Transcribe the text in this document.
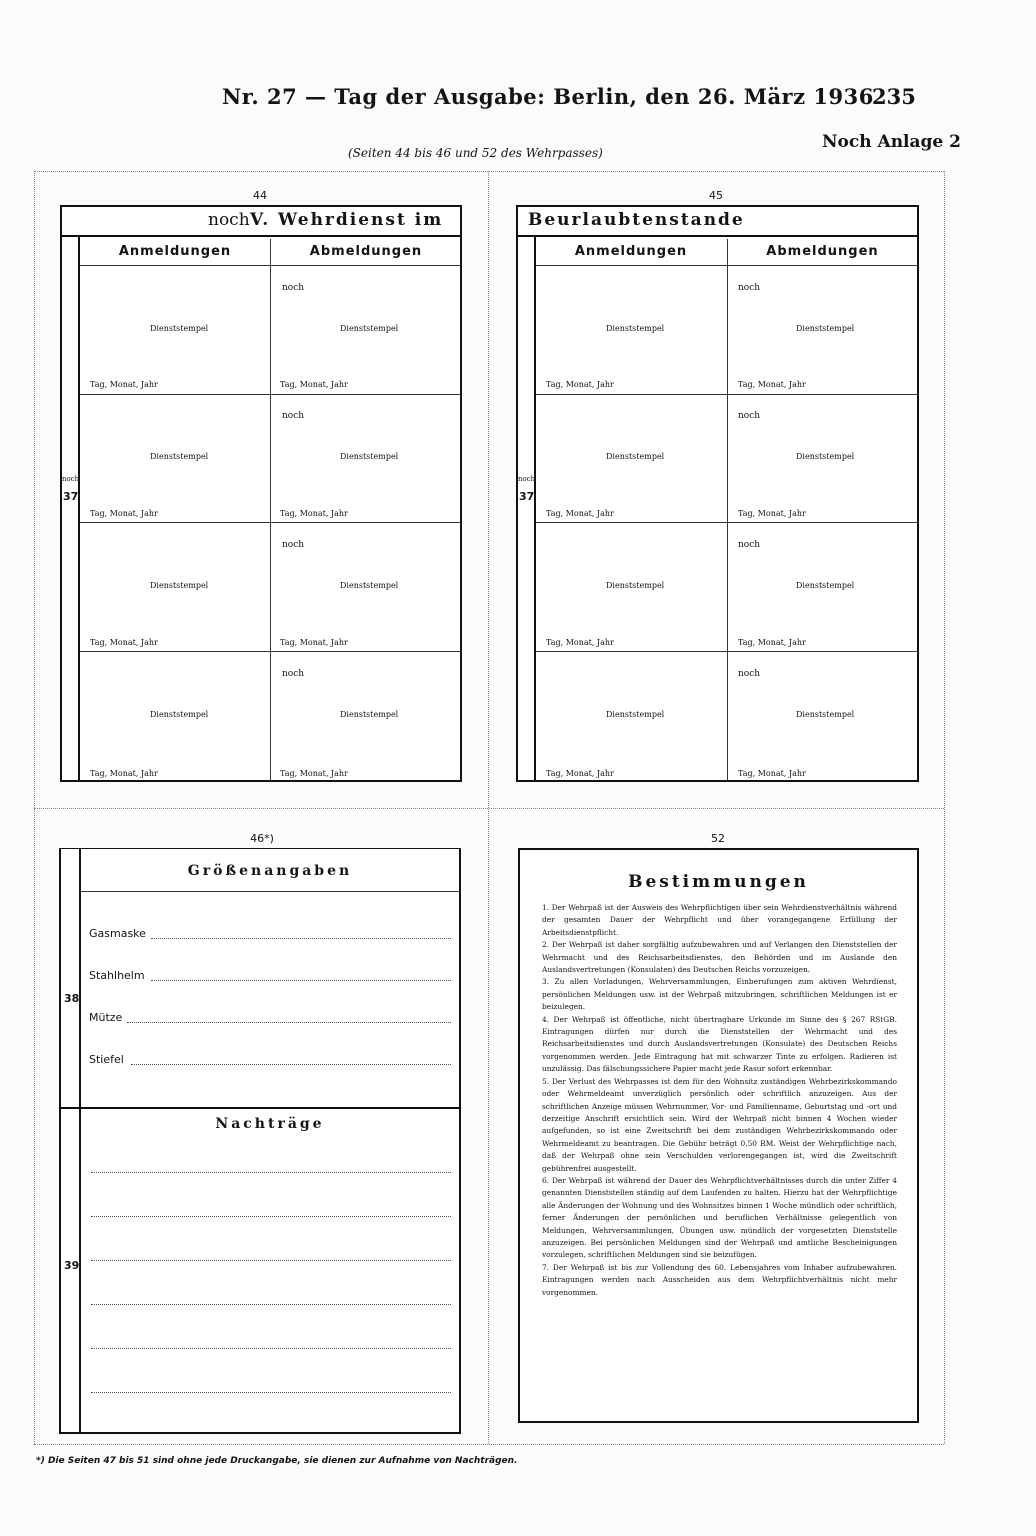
Nr. 27 — Tag der Ausgabe: Berlin, den 26. März 1936
235
(Seiten 44 bis 46 und 52 des Wehrpasses)
Noch Anlage 2
44
noch V. Wehrdienst im
noch
37
Anmeldungen	Abmeldungen
Dienststempel
Tag, Monat, Jahr
noch
Dienststempel
Tag, Monat, Jahr
Dienststempel
Tag, Monat, Jahr
noch
Dienststempel
Tag, Monat, Jahr
Dienststempel
Tag, Monat, Jahr
noch
Dienststempel
Tag, Monat, Jahr
Dienststempel
Tag, Monat, Jahr
noch
Dienststempel
Tag, Monat, Jahr
45
Beurlaubtenstande
noch
37
Anmeldungen	Abmeldungen
Dienststempel
Tag, Monat, Jahr
noch
Dienststempel
Tag, Monat, Jahr
Dienststempel
Tag, Monat, Jahr
noch
Dienststempel
Tag, Monat, Jahr
Dienststempel
Tag, Monat, Jahr
noch
Dienststempel
Tag, Monat, Jahr
Dienststempel
Tag, Monat, Jahr
noch
Dienststempel
Tag, Monat, Jahr
46*)
Größenangaben
38
Gasmaske
Stahlhelm
Mütze
Stiefel
Nachträge
39
52
Bestimmungen
1. Der Wehrpaß ist der Ausweis des Wehrpflichtigen über sein Wehrdienstverhältnis während der gesamten Dauer der Wehrpflicht und über vorangegangene Erfüllung der Arbeitsdienstpflicht.
2. Der Wehrpaß ist daher sorgfältig aufzubewahren und auf Verlangen den Dienststellen der Wehrmacht und des Reichsarbeitsdienstes, den Behörden und im Auslande den Auslandsvertretungen (Konsulaten) des Deutschen Reichs vorzuzeigen.
3. Zu allen Vorladungen, Wehrversammlungen, Einberufungen zum aktiven Wehrdienst, persönlichen Meldungen usw. ist der Wehrpaß mitzubringen, schriftlichen Meldungen ist er beizulegen.
4. Der Wehrpaß ist öffentliche, nicht übertragbare Urkunde im Sinne des § 267 RStGB. Eintragungen dürfen nur durch die Dienststellen der Wehrmacht und des Reichsarbeitsdienstes und durch Auslandsvertretungen (Konsulate) des Deutschen Reichs vorgenommen werden. Jede Eintragung hat mit schwarzer Tinte zu erfolgen. Radieren ist unzulässig. Das fälschungssichere Papier macht jede Rasur sofort erkennbar.
5. Der Verlust des Wehrpasses ist dem für den Wohnsitz zuständigen Wehrbezirkskommando oder Wehrmeldeamt unverzüglich persönlich oder schriftlich anzuzeigen. Aus der schriftlichen Anzeige müssen Wehrnummer, Vor- und Familienname, Geburtstag und -ort und derzeitige Anschrift ersichtlich sein. Wird der Wehrpaß nicht binnen 4 Wochen wieder aufgefunden, so ist eine Zweitschrift bei dem zuständigen Wehrbezirkskommando oder Wehrmeldeamt zu beantragen. Die Gebühr beträgt 0,50 RM. Weist der Wehrpflichtige nach, daß der Wehrpaß ohne sein Verschulden verlorengegangen ist, wird die Zweitschrift gebührenfrei ausgestellt.
6. Der Wehrpaß ist während der Dauer des Wehrpflichtverhältnisses durch die unter Ziffer 4 genannten Dienststellen ständig auf dem Laufenden zu halten. Hierzu hat der Wehrpflichtige alle Änderungen der Wohnung und des Wohnsitzes binnen 1 Woche mündlich oder schriftlich, ferner Änderungen der persönlichen und beruflichen Verhältnisse gelegentlich von Meldungen, Wehrversammlungen, Übungen usw. mündlich der vorgesetzten Dienststelle anzuzeigen. Bei persönlichen Meldungen sind der Wehrpaß und amtliche Bescheinigungen vorzulegen, schriftlichen Meldungen sind sie beizufügen.
7. Der Wehrpaß ist bis zur Vollendung des 60. Lebensjahres vom Inhaber aufzubewahren. Eintragungen werden nach Ausscheiden aus dem Wehrpflichtverhältnis nicht mehr vorgenommen.
*) Die Seiten 47 bis 51 sind ohne jede Druckangabe, sie dienen zur Aufnahme von Nachträgen.
